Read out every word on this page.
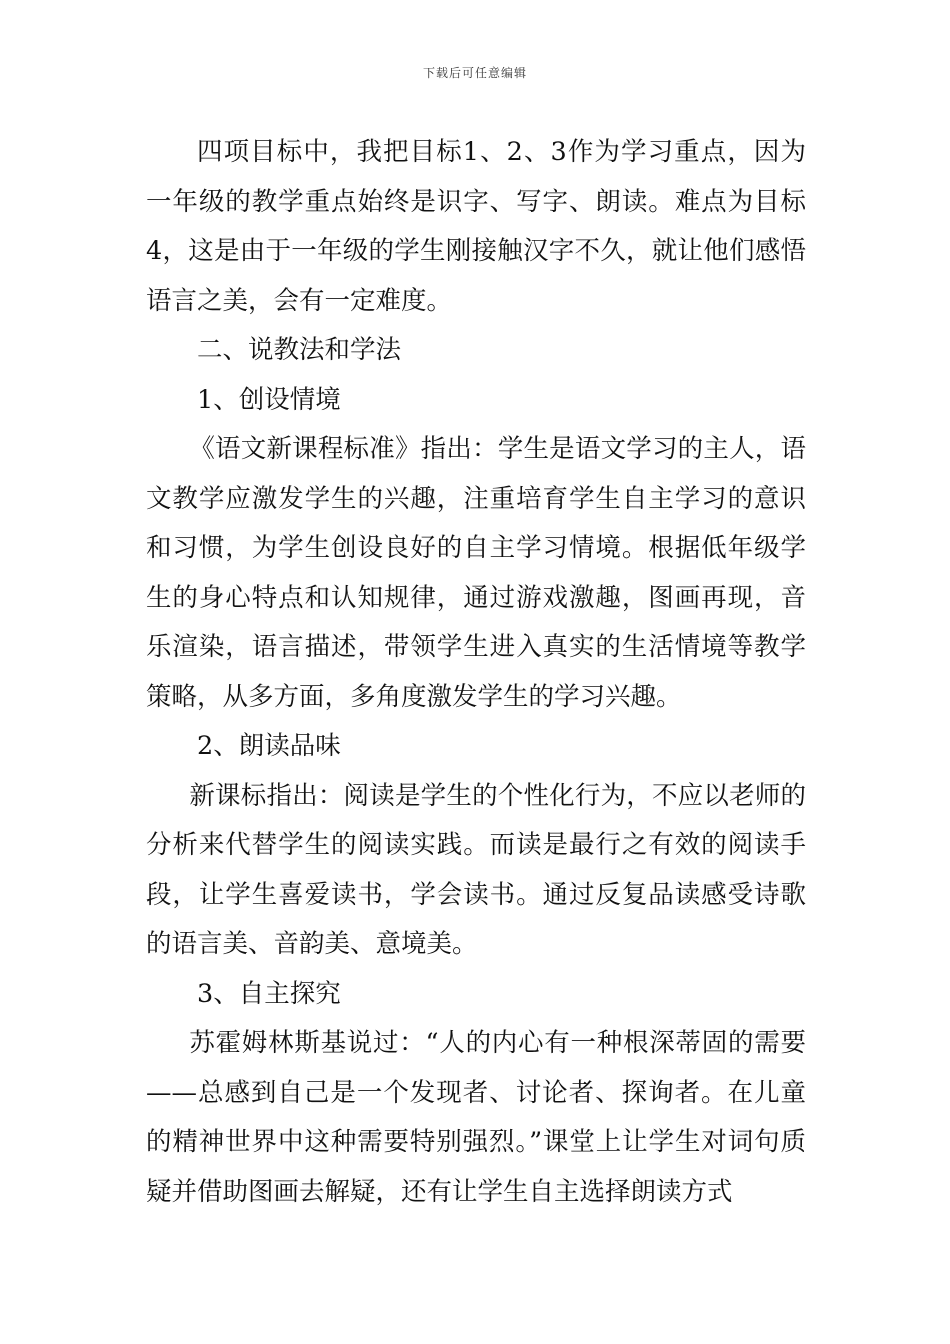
下载后可任意编辑

四项目标中，我把目标1、2、3作为学习重点，因为一年级的教学重点始终是识字、写字、朗读。难点为目标4，这是由于一年级的学生刚接触汉字不久，就让他们感悟语言之美，会有一定难度。

二、说教法和学法

1、创设情境

《语文新课程标准》指出：学生是语文学习的主人，语文教学应激发学生的兴趣，注重培育学生自主学习的意识和习惯，为学生创设良好的自主学习情境。根据低年级学生的身心特点和认知规律，通过游戏激趣，图画再现，音乐渲染，语言描述，带领学生进入真实的生活情境等教学策略，从多方面，多角度激发学生的学习兴趣。

2、朗读品味

新课标指出：阅读是学生的个性化行为，不应以老师的分析来代替学生的阅读实践。而读是最行之有效的阅读手段，让学生喜爱读书，学会读书。通过反复品读感受诗歌的语言美、音韵美、意境美。

3、自主探究

苏霍姆林斯基说过：“人的内心有一种根深蒂固的需要——总感到自己是一个发现者、讨论者、探询者。在儿童的精神世界中这种需要特别强烈。”课堂上让学生对词句质疑并借助图画去解疑，还有让学生自主选择朗读方式
